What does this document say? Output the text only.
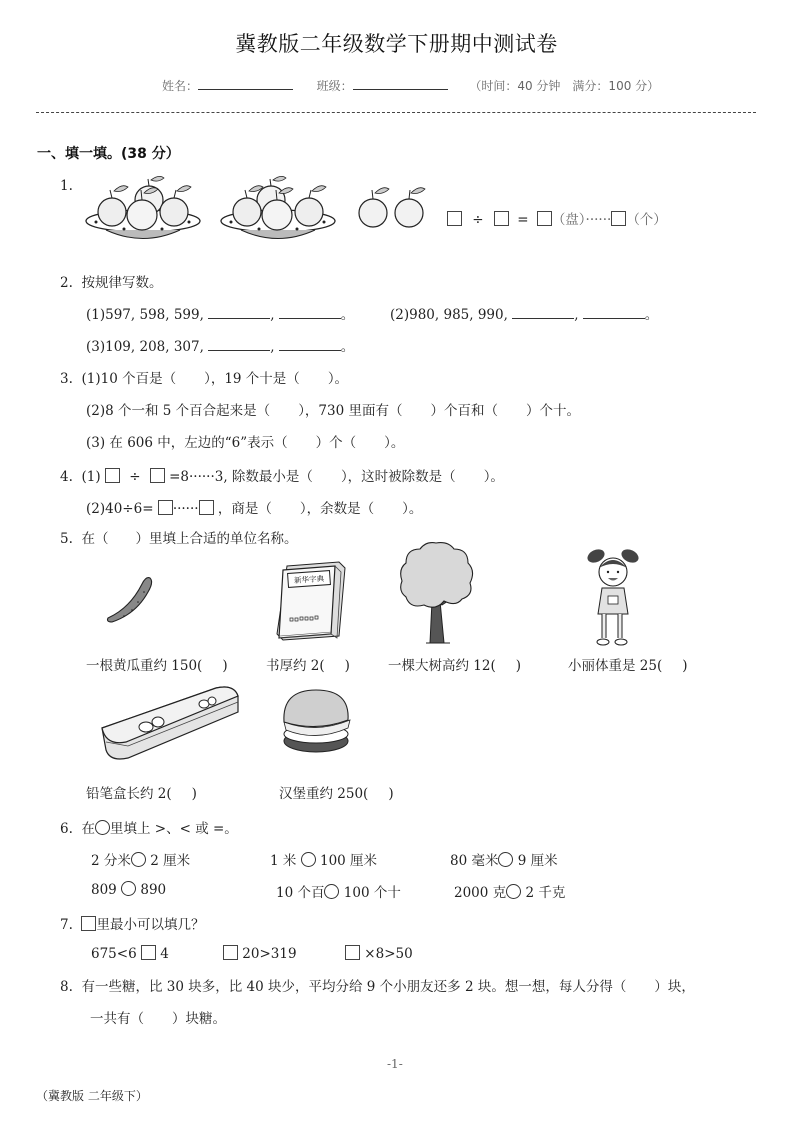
冀教版二年级数学下册期中测试卷
姓名：	班级：	（时间：40 分钟　满分：100 分）
一、填一填。(38 分）
1.
÷ = （盘）······ （个）
2. 按规律写数。
(1)597, 598, 599,	,	。	(2)980, 985, 990,	,	。
(3)109, 208, 307,	,	。
3. (1)10 个百是（ ），19 个十是（ ）。
(2)8 个一和 5 个百合起来是（ ），730 里面有（ ）个百和（ ）个十。
(3) 在 606 中，左边的“6”表示（ ）个（ ）。
4. (1) ÷ =8······3, 除数最小是（ ），这时被除数是（ ）。
(2)40÷6= ······ ，商是（ ），余数是（ ）。
5. 在（　　）里填上合适的单位名称。
新华字典
一根黄瓜重约 150( )	书厚约 2( )	一棵大树高约 12( )	小丽体重是 25( )
铅笔盒长约 2( )	汉堡重约 250( )
6. 在 里填上 >、< 或 =。
2 分米 2 厘米	1 米 100 厘米	80 毫米 9 厘米
809 890	10 个百 100 个十	2000 克 2 千克
7. 里最小可以填几？
675<6 4	20>319	×8>50
8. 有一些糖，比 30 块多，比 40 块少，平均分给 9 个小朋友还多 2 块。想一想，每人分得（ ）块，
一共有（ ）块糖。
-1-
（冀教版 二年级下）
